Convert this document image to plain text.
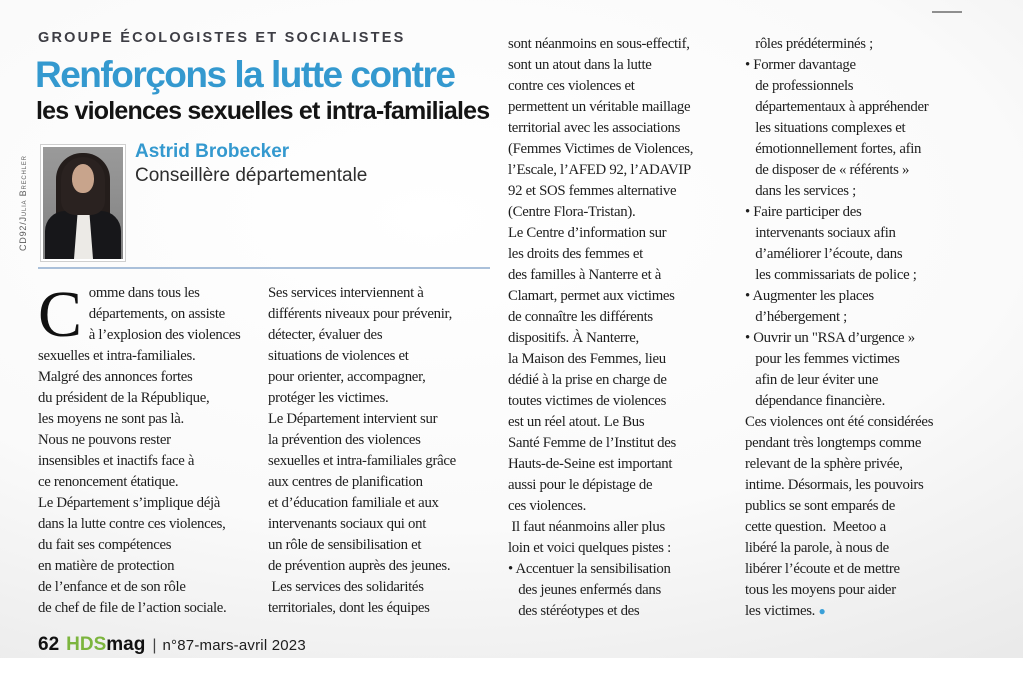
GROUPE ÉCOLOGISTES ET SOCIALISTES
Renforçons la lutte contre
les violences sexuelles et intra-familiales
CD92/Julia Brechler
Astrid Brobecker
Conseillère départementale
C omme dans tous les
départements, on assiste
à l’explosion des violences
sexuelles et intra-familiales.
Malgré des annonces fortes
du président de la République,
les moyens ne sont pas là.
Nous ne pouvons rester
insensibles et inactifs face à
ce renoncement étatique.
Le Département s’implique déjà
dans la lutte contre ces violences,
du fait ses compétences
en matière de protection
de l’enfance et de son rôle
de chef de file de l’action sociale.
Ses services interviennent à
différents niveaux pour prévenir,
détecter, évaluer des
situations de violences et
pour orienter, accompagner,
protéger les victimes.
Le Département intervient sur
la prévention des violences
sexuelles et intra-familiales grâce
aux centres de planification
et d’éducation familiale et aux
intervenants sociaux qui ont
un rôle de sensibilisation et
de prévention auprès des jeunes.
Les services des solidarités
territoriales, dont les équipes
sont néanmoins en sous-effectif,
sont un atout dans la lutte
contre ces violences et
permettent un véritable maillage
territorial avec les associations
(Femmes Victimes de Violences,
l’Escale, l’AFED 92, l’ADAVIP
92 et SOS femmes alternative
(Centre Flora-Tristan).
Le Centre d’information sur
les droits des femmes et
des familles à Nanterre et à
Clamart, permet aux victimes
de connaître les différents
dispositifs. À Nanterre,
la Maison des Femmes, lieu
dédié à la prise en charge de
toutes victimes de violences
est un réel atout. Le Bus
Santé Femme de l’Institut des
Hauts-de-Seine est important
aussi pour le dépistage de
ces violences.
Il faut néanmoins aller plus
loin et voici quelques pistes :
• Accentuer la sensibilisation
des jeunes enfermés dans
des stéréotypes et des
rôles prédéterminés ;
• Former davantage
de professionnels
départementaux à appréhender
les situations complexes et
émotionnellement fortes, afin
de disposer de « référents »
dans les services ;
• Faire participer des
intervenants sociaux afin
d’améliorer l’écoute, dans
les commissariats de police ;
• Augmenter les places
d’hébergement ;
• Ouvrir un "RSA d’urgence »
pour les femmes victimes
afin de leur éviter une
dépendance financière.
Ces violences ont été considérées
pendant très longtemps comme
relevant de la sphère privée,
intime. Désormais, les pouvoirs
publics se sont emparés de
cette question.  Meetoo a
libéré la parole, à nous de
libérer l’écoute et de mettre
tous les moyens pour aider
les victimes. ●
62 HDSmag | n°87-mars-avril 2023
